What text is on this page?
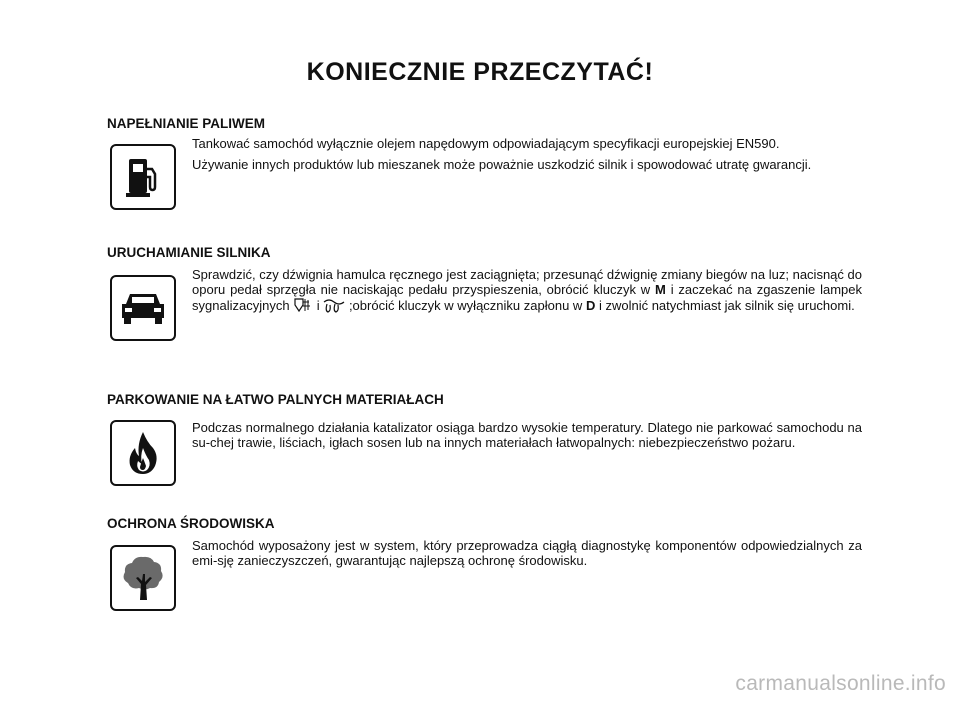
KONIECZNIE PRZECZYTAĆ!
NAPEŁNIANIE PALIWEM

Tankować samochód wyłącznie olejem napędowym odpowiadającym specyfikacji europejskiej EN590.

Używanie innych produktów lub mieszanek może poważnie uszkodzić silnik i spowodować utratę gwarancji.

URUCHAMIANIE SILNIKA

Sprawdzić, czy dźwignia hamulca ręcznego jest zaciągnięta; przesunąć dźwignię zmiany biegów na luz; nacisnąć do oporu pedał sprzęgła nie naciskając pedału przyspieszenia, obrócić kluczyk w M i zaczekać na zgaszenie lampek sygnalizacyjnych i ;obrócić kluczyk w wyłączniku zapłonu w D i zwolnić natychmiast jak silnik się uruchomi.

PARKOWANIE NA ŁATWO PALNYCH MATERIAŁACH

Podczas normalnego działania katalizator osiąga bardzo wysokie temperatury. Dlatego nie parkować samochodu na su-chej trawie, liściach, igłach sosen lub na innych materiałach łatwopalnych: niebezpieczeństwo pożaru.

OCHRONA ŚRODOWISKA

Samochód wyposażony jest w system, który przeprowadza ciągłą diagnostykę komponentów odpowiedzialnych za emi-sję zanieczyszczeń, gwarantując najlepszą ochronę środowisku.

carmanualsonline.info
